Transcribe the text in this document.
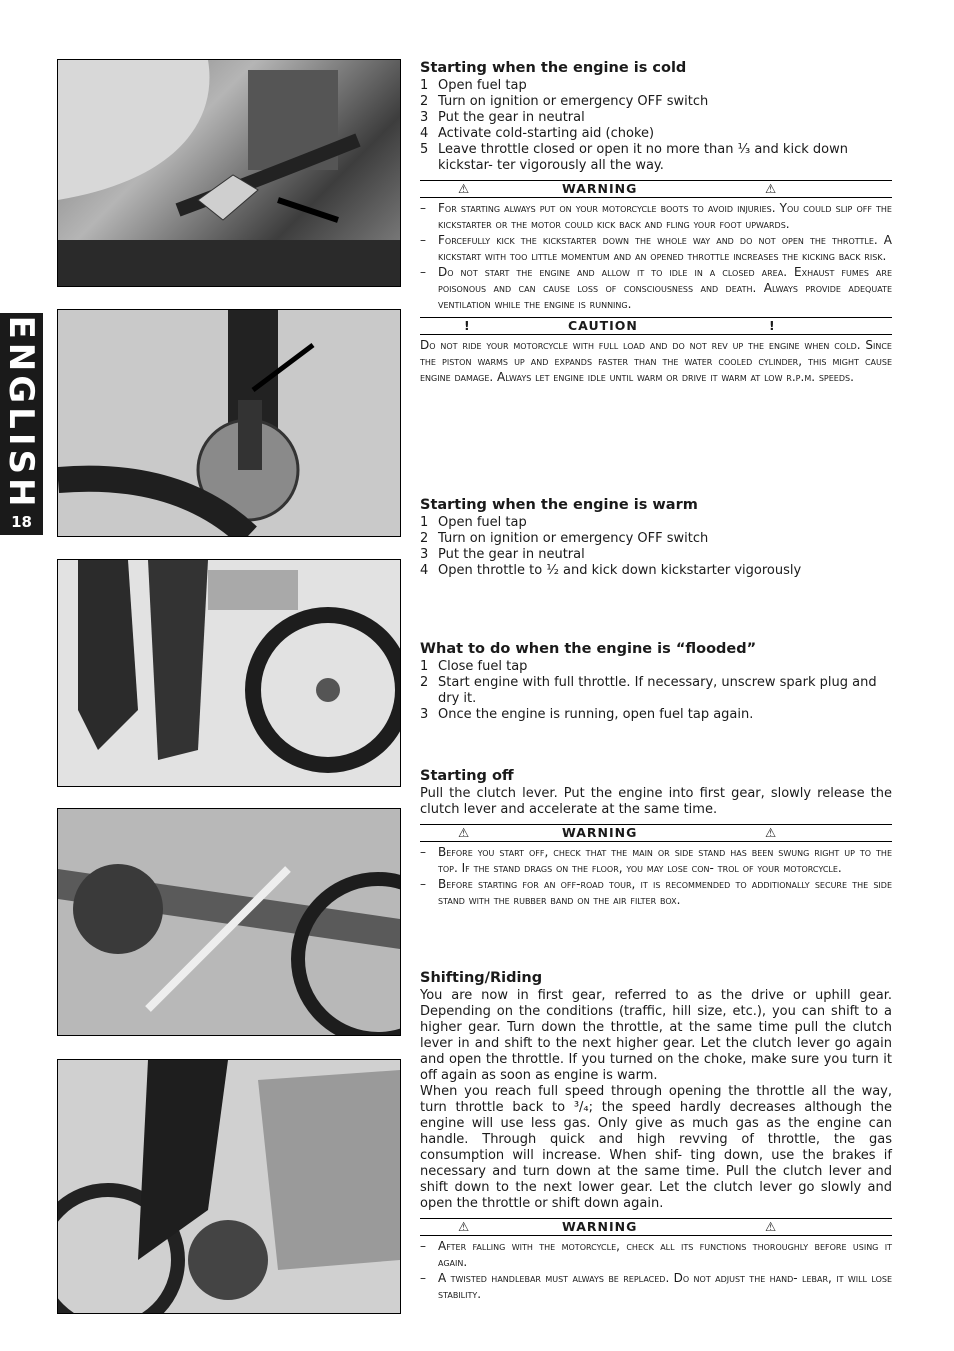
ENGLISH
18
Starting when the engine is cold
1 Open fuel tap
2 Turn on ignition or emergency OFF switch
3 Put the gear in neutral
4 Activate cold-starting aid (choke)
5 Leave throttle closed or open it no more than ¹⁄₃ and kick down kickstar- ter vigorously all the way.
⚠	WARNING	⚠
–	For starting always put on your motorcycle boots to avoid injuries. You could slip off the kickstarter or the motor could kick back and fling your foot upwards.
–	Forcefully kick the kickstarter down the whole way and do not open the throttle. A kickstart with too little momentum and an opened throttle increases the kicking back risk.
–	Do not start the engine and allow it to idle in a closed area. Exhaust fumes are poisonous and can cause loss of consciousness and death. Always provide adequate ventilation while the engine is running.
!	CAUTION	!
Do not ride your motorcycle with full load and do not rev up the engine when cold. Since the piston warms up and expands faster than the water cooled cylinder, this might cause engine damage. Always let engine idle until warm or drive it warm at low r.p.m. speeds.
Starting when the engine is warm
1 Open fuel tap
2 Turn on ignition or emergency OFF switch
3 Put the gear in neutral
4 Open throttle to ¹⁄₂ and kick down kickstarter vigorously
What to do when the engine is “flooded”
1 Close fuel tap
2 Start engine with full throttle. If necessary, unscrew spark plug and dry it.
3 Once the engine is running, open fuel tap again.
Starting off
Pull the clutch lever. Put the engine into first gear, slowly release the clutch lever and accelerate at the same time.
⚠	WARNING	⚠
–	Before you start off, check that the main or side stand has been swung right up to the top. If the stand drags on the floor, you may lose con- trol of your motorcycle.
–	Before starting for an off-road tour, it is recommended to additionally secure the side stand with the rubber band on the air filter box.
Shifting/Riding
You are now in first gear, referred to as the drive or uphill gear. Depending on the conditions (traffic, hill size, etc.), you can shift to a higher gear. Turn down the throttle, at the same time pull the clutch lever in and shift to the next higher gear. Let the clutch lever go again and open the throttle. If you turned on the choke, make sure you turn it off again as soon as engine is warm.
When you reach full speed through opening the throttle all the way, turn throttle back to ³/₄; the speed hardly decreases although the engine will use less gas. Only give as much gas as the engine can handle. Through quick and high revving of throttle, the gas consumption will increase. When shif- ting down, use the brakes if necessary and turn down at the same time. Pull the clutch lever and shift down to the next lower gear. Let the clutch lever go slowly and open the throttle or shift down again.
⚠	WARNING	⚠
–	After falling with the motorcycle, check all its functions thoroughly before using it again.
–	A twisted handlebar must always be replaced. Do not adjust the hand- lebar, it will lose stability.
